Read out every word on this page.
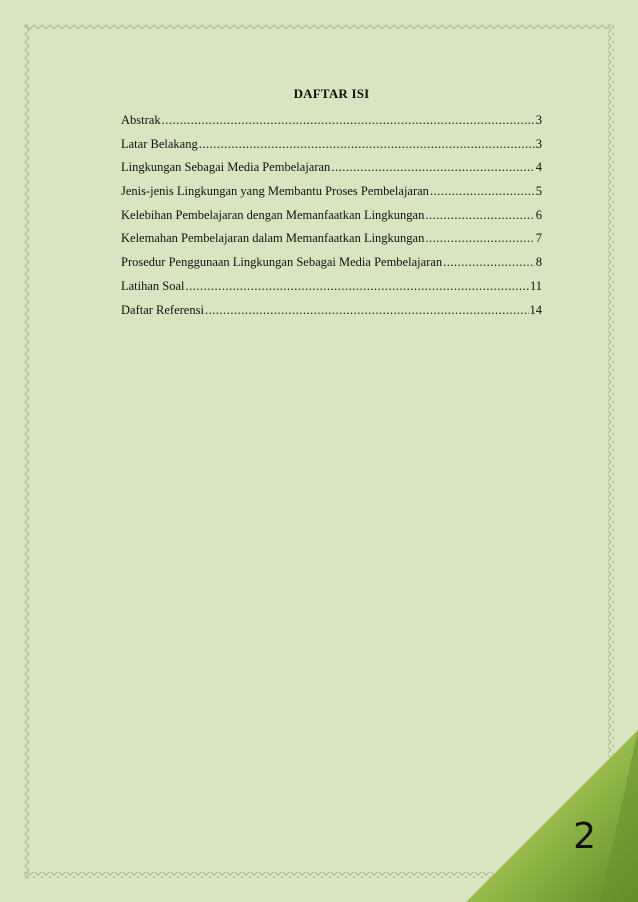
DAFTAR ISI
Abstrak .....	3
Latar Belakang .....	3
Lingkungan Sebagai Media Pembelajaran .....	4
Jenis-jenis Lingkungan yang Membantu Proses Pembelajaran .....	5
Kelebihan Pembelajaran dengan Memanfaatkan Lingkungan .....	6
Kelemahan Pembelajaran dalam Memanfaatkan Lingkungan .....	7
Prosedur Penggunaan Lingkungan Sebagai Media Pembelajaran .....	8
Latihan Soal .....	11
Daftar Referensi .....	14
2
